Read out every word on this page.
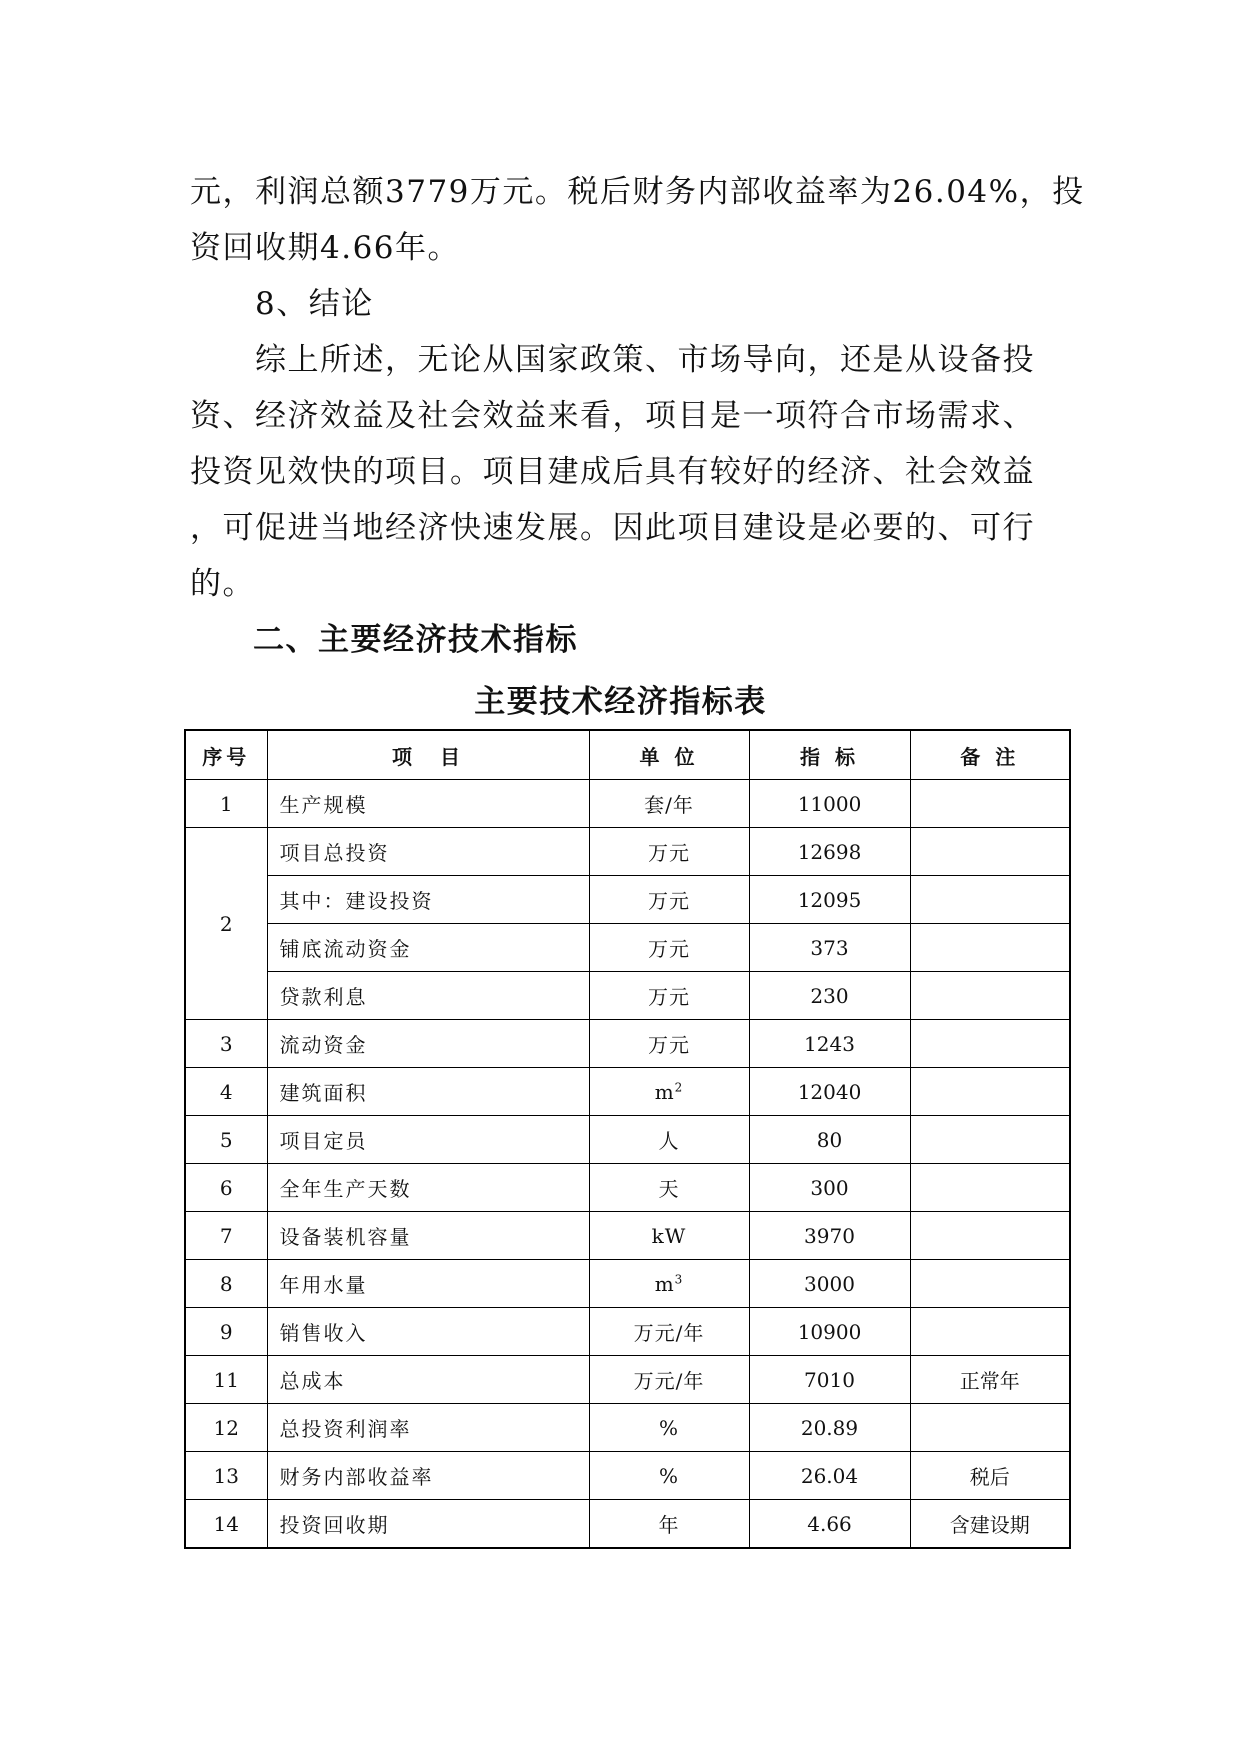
元，利润总额3779万元。税后财务内部收益率为26.04%，投
资回收期4.66年。

　　8、结论

　　综上所述，无论从国家政策、市场导向，还是从设备投
资、经济效益及社会效益来看，项目是一项符合市场需求、
投资见效快的项目。项目建成后具有较好的经济、社会效益
，可促进当地经济快速发展。因此项目建设是必要的、可行
的。

二、主要经济技术指标
主要技术经济指标表
序号	项　目	单 位	指 标	备 注
1	生产规模	套/年	11000	
2	项目总投资	万元	12698	
	其中：建设投资	万元	12095	
	铺底流动资金	万元	373	
	贷款利息	万元	230	
3	流动资金	万元	1243	
4	建筑面积	$m^2$	12040	
5	项目定员	人	80	
6	全年生产天数	天	300	
7	设备装机容量	kW	3970	
8	年用水量	$m^3$	3000	
9	销售收入	万元/年	10900	
11	总成本	万元/年	7010	正常年
12	总投资利润率	%	20.89	
13	财务内部收益率	%	26.04	税后
14	投资回收期	年	4.66	含建设期
